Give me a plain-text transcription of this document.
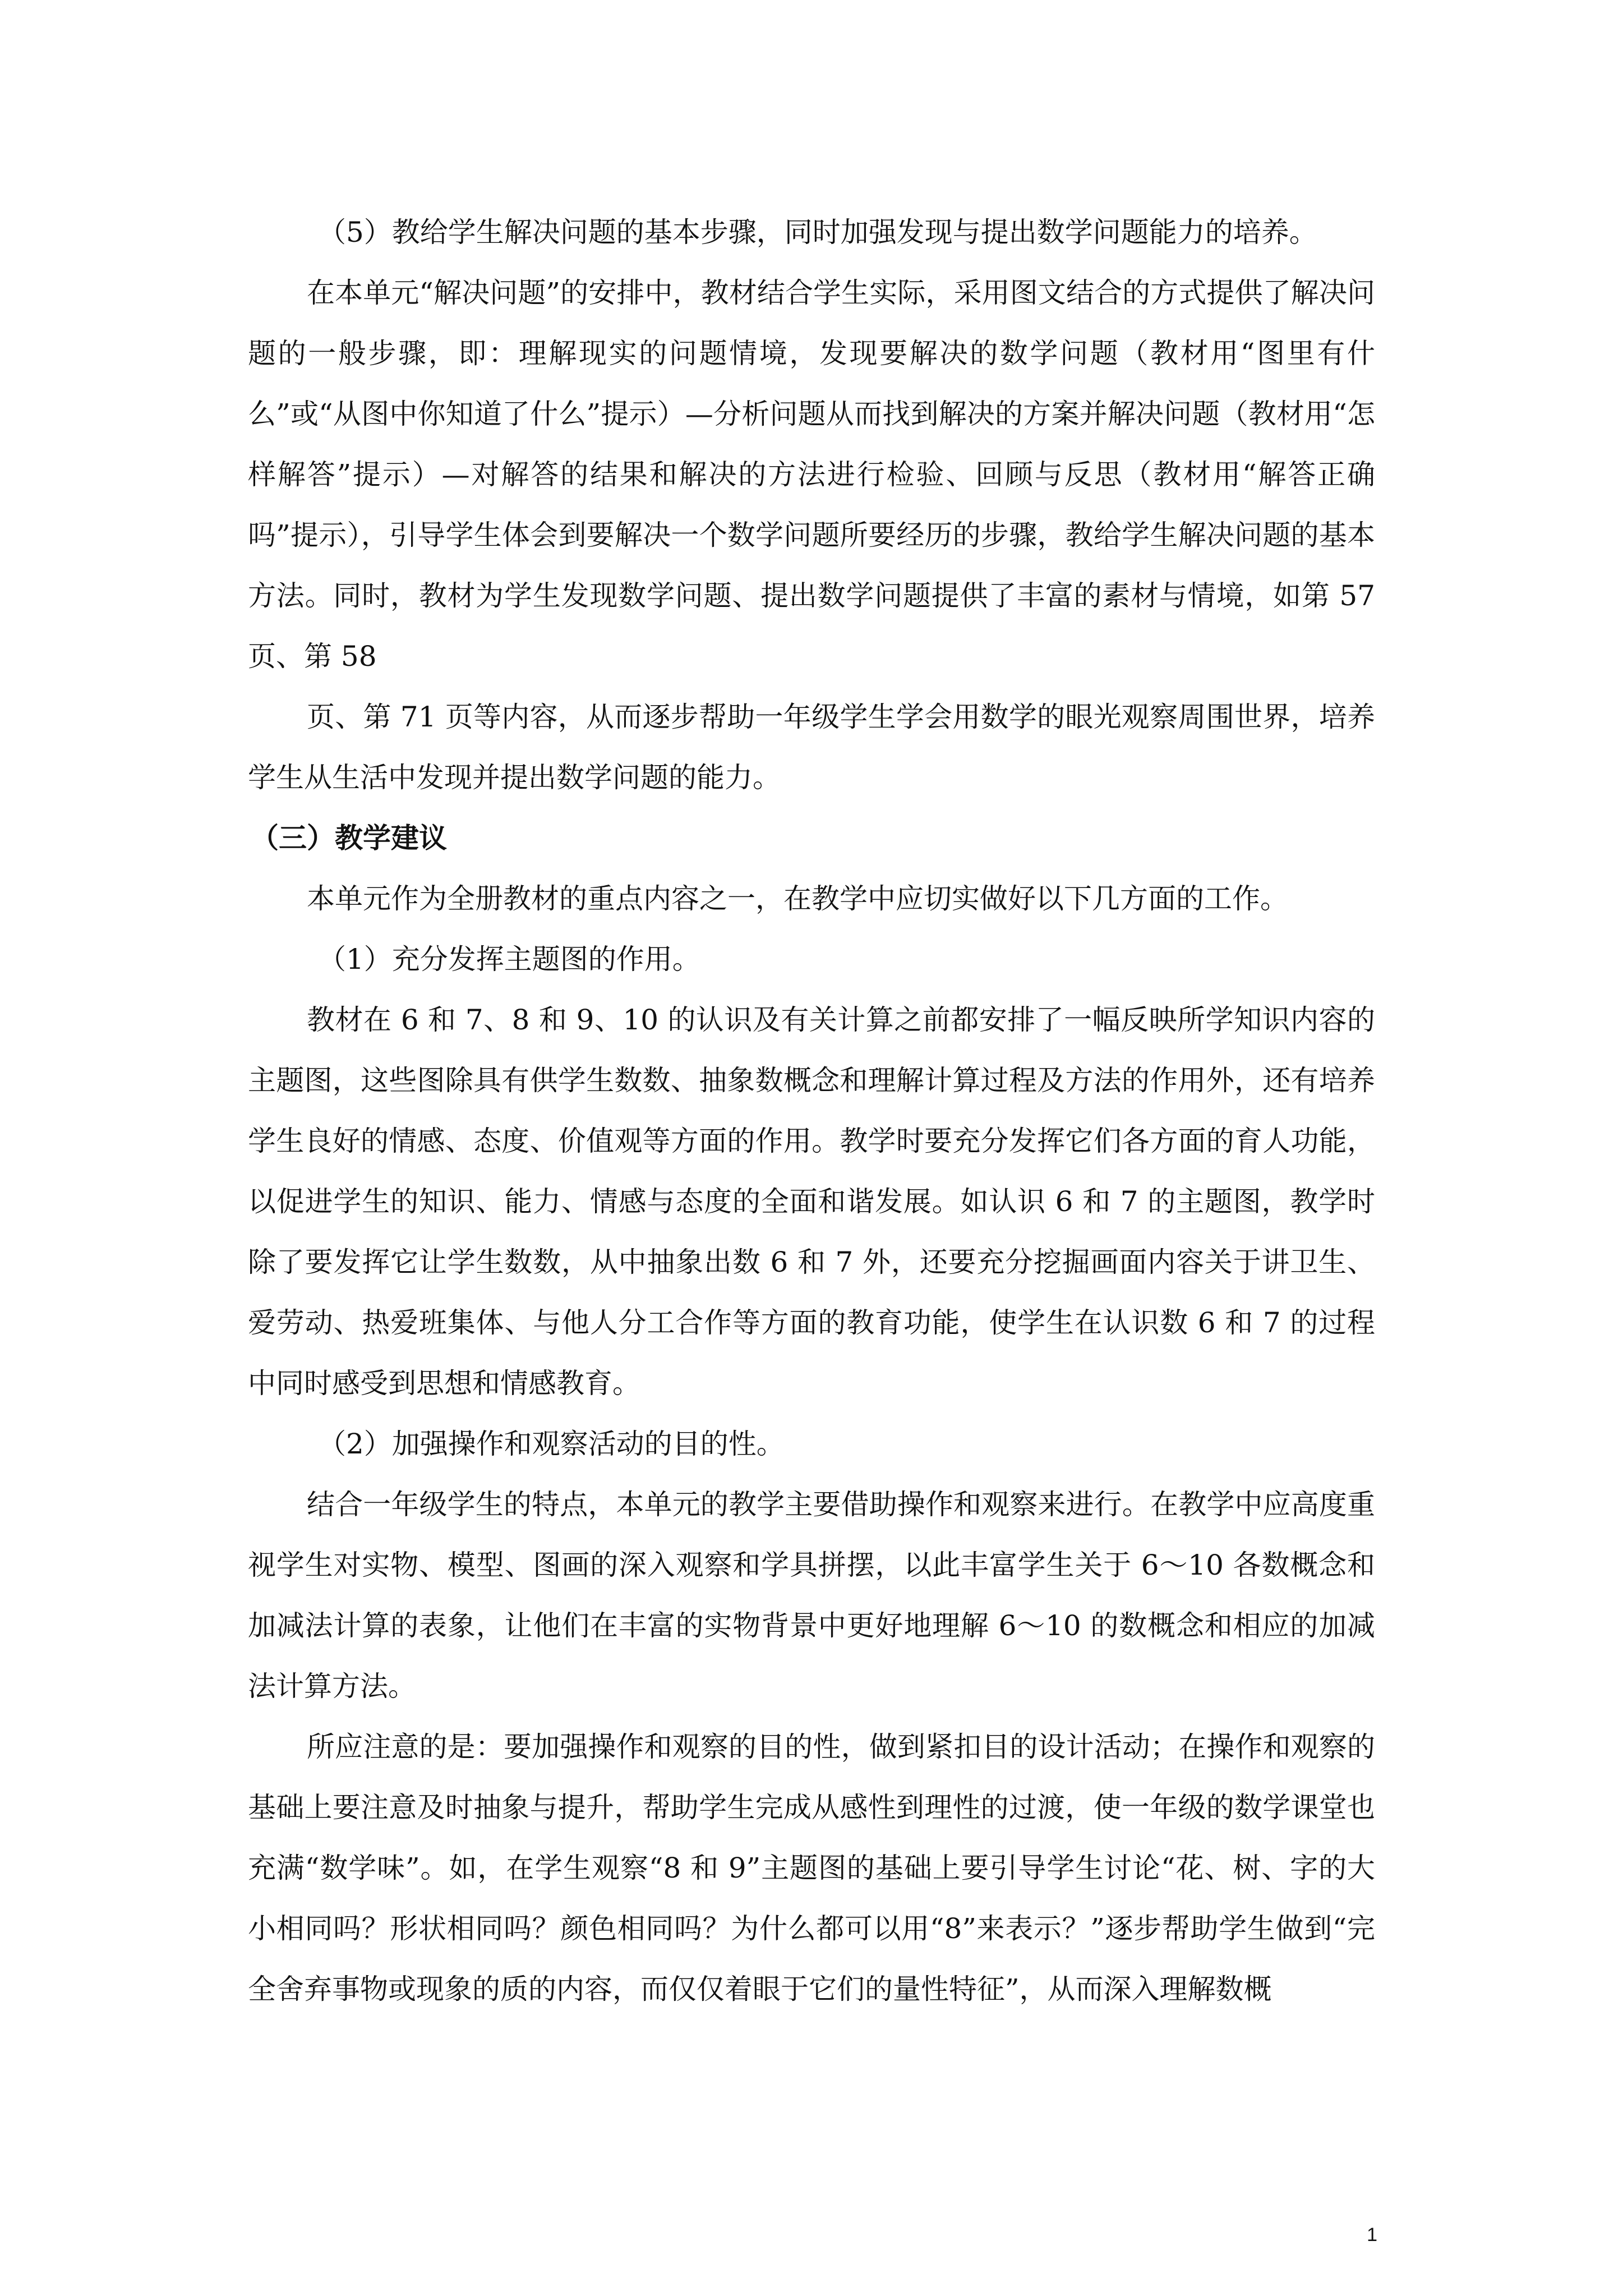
（5）教给学生解决问题的基本步骤，同时加强发现与提出数学问题能力的培养。

在本单元“解决问题”的安排中，教材结合学生实际，采用图文结合的方式提供了解决问题的一般步骤，即：理解现实的问题情境，发现要解决的数学问题（教材用“图里有什么”或“从图中你知道了什么”提示）—分析问题从而找到解决的方案并解决问题（教材用“怎样解答”提示）—对解答的结果和解决的方法进行检验、回顾与反思（教材用“解答正确吗”提示），引导学生体会到要解决一个数学问题所要经历的步骤，教给学生解决问题的基本方法。同时，教材为学生发现数学问题、提出数学问题提供了丰富的素材与情境，如第 57 页、第 58

页、第 71 页等内容，从而逐步帮助一年级学生学会用数学的眼光观察周围世界，培养学生从生活中发现并提出数学问题的能力。

（三）教学建议

本单元作为全册教材的重点内容之一，在教学中应切实做好以下几方面的工作。

（1）充分发挥主题图的作用。

教材在 6 和 7、8 和 9、10 的认识及有关计算之前都安排了一幅反映所学知识内容的主题图，这些图除具有供学生数数、抽象数概念和理解计算过程及方法的作用外，还有培养学生良好的情感、态度、价值观等方面的作用。教学时要充分发挥它们各方面的育人功能，以促进学生的知识、能力、情感与态度的全面和谐发展。如认识 6 和 7 的主题图，教学时除了要发挥它让学生数数，从中抽象出数 6 和 7 外，还要充分挖掘画面内容关于讲卫生、爱劳动、热爱班集体、与他人分工合作等方面的教育功能，使学生在认识数 6 和 7 的过程中同时感受到思想和情感教育。

（2）加强操作和观察活动的目的性。

结合一年级学生的特点，本单元的教学主要借助操作和观察来进行。在教学中应高度重视学生对实物、模型、图画的深入观察和学具拼摆，以此丰富学生关于 6～10 各数概念和加减法计算的表象，让他们在丰富的实物背景中更好地理解 6～10 的数概念和相应的加减法计算方法。

所应注意的是：要加强操作和观察的目的性，做到紧扣目的设计活动；在操作和观察的基础上要注意及时抽象与提升，帮助学生完成从感性到理性的过渡，使一年级的数学课堂也充满“数学味”。如，在学生观察“8 和 9”主题图的基础上要引导学生讨论“花、树、字的大小相同吗？形状相同吗？颜色相同吗？为什么都可以用“8”来表示？”逐步帮助学生做到“完全舍弃事物或现象的质的内容，而仅仅着眼于它们的量性特征”，从而深入理解数概

1
